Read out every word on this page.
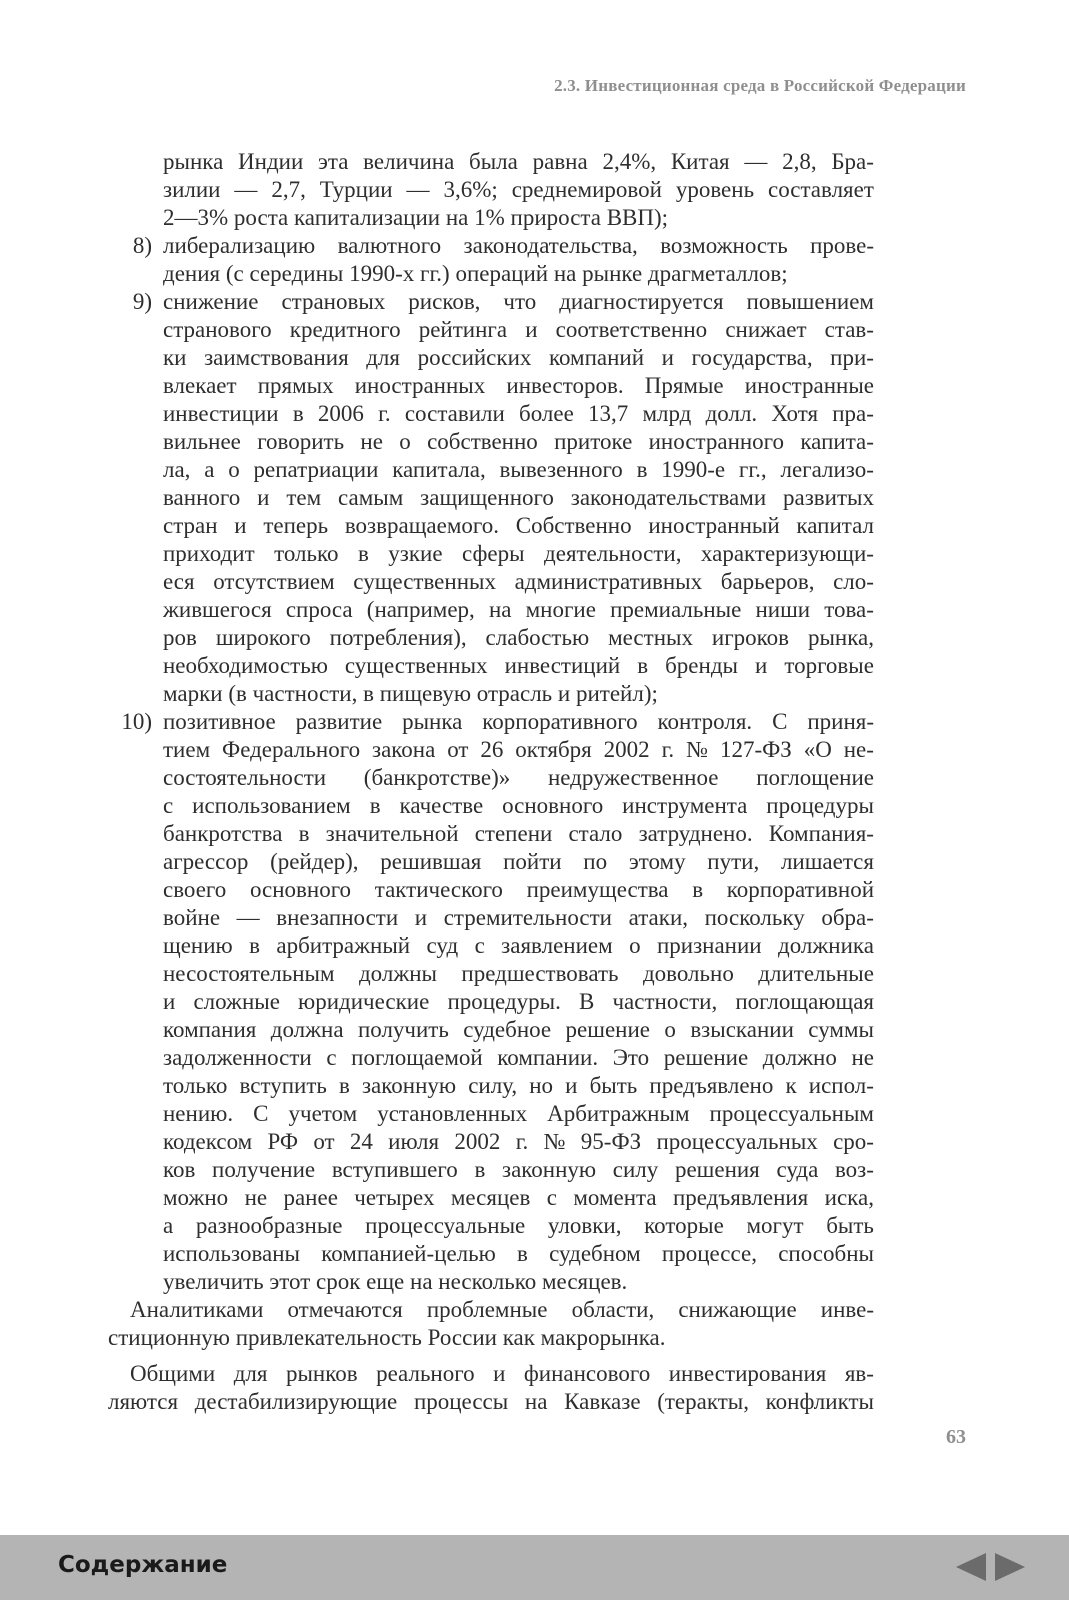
2.3. Инвестиционная среда в Российской Федерации
рынка Индии эта величина была равна 2,4%, Китая — 2,8, Бра-
зилии — 2,7, Турции — 3,6%; среднемировой уровень составляет
2—3% роста капитализации на 1% прироста ВВП);
8) либерализацию валютного законодательства, возможность прове-
дения (с середины 1990-х гг.) операций на рынке драгметаллов;
9) снижение страновых рисков, что диагностируется повышением
странового кредитного рейтинга и соответственно снижает став-
ки заимствования для российских компаний и государства, при-
влекает прямых иностранных инвесторов. Прямые иностранные
инвестиции в 2006 г. составили более 13,7 млрд долл. Хотя пра-
вильнее говорить не о собственно притоке иностранного капита-
ла, а о репатриации капитала, вывезенного в 1990-е гг., легализо-
ванного и тем самым защищенного законодательствами развитых
стран и теперь возвращаемого. Собственно иностранный капитал
приходит только в узкие сферы деятельности, характеризующи-
еся отсутствием существенных административных барьеров, сло-
жившегося спроса (например, на многие премиальные ниши това-
ров широкого потребления), слабостью местных игроков рынка,
необходимостью существенных инвестиций в бренды и торговые
марки (в частности, в пищевую отрасль и ритейл);
10) позитивное развитие рынка корпоративного контроля. С приня-
тием Федерального закона от 26 октября 2002 г. № 127-ФЗ «О не-
состоятельности (банкротстве)» недружественное поглощение
с использованием в качестве основного инструмента процедуры
банкротства в значительной степени стало затруднено. Компания-
агрессор (рейдер), решившая пойти по этому пути, лишается
своего основного тактического преимущества в корпоративной
войне — внезапности и стремительности атаки, поскольку обра-
щению в арбитражный суд с заявлением о признании должника
несостоятельным должны предшествовать довольно длительные
и сложные юридические процедуры. В частности, поглощающая
компания должна получить судебное решение о взыскании суммы
задолженности с поглощаемой компании. Это решение должно не
только вступить в законную силу, но и быть предъявлено к испол-
нению. С учетом установленных Арбитражным процессуальным
кодексом РФ от 24 июля 2002 г. № 95-ФЗ процессуальных сро-
ков получение вступившего в законную силу решения суда воз-
можно не ранее четырех месяцев с момента предъявления иска,
а разнообразные процессуальные уловки, которые могут быть
использованы компанией-целью в судебном процессе, способны
увеличить этот срок еще на несколько месяцев.
Аналитиками отмечаются проблемные области, снижающие инве-
стиционную привлекательность России как макрорынка.
Общими для рынков реального и финансового инвестирования яв-
ляются дестабилизирующие процессы на Кавказе (теракты, конфликты
63
Содержание
